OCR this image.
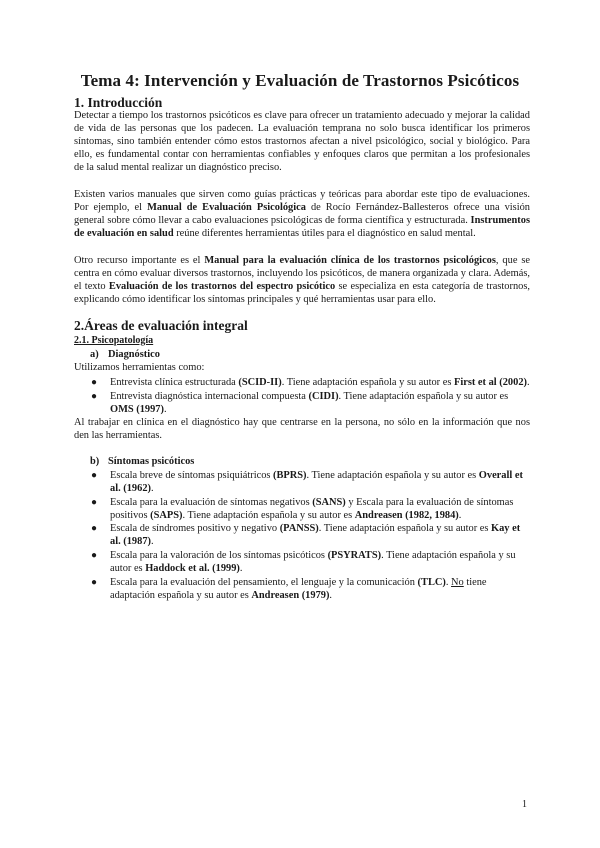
Tema 4: Intervención y Evaluación de Trastornos Psicóticos
1. Introducción

Detectar a tiempo los trastornos psicóticos es clave para ofrecer un tratamiento adecuado y mejorar la calidad de vida de las personas que los padecen. La evaluación temprana no solo busca identificar los primeros síntomas, sino también entender cómo estos trastornos afectan a nivel psicológico, social y biológico. Para ello, es fundamental contar con herramientas confiables y enfoques claros que permitan a los profesionales de la salud mental realizar un diagnóstico preciso.

Existen varios manuales que sirven como guías prácticas y teóricas para abordar este tipo de evaluaciones. Por ejemplo, el Manual de Evaluación Psicológica de Rocío Fernández-Ballesteros ofrece una visión general sobre cómo llevar a cabo evaluaciones psicológicas de forma científica y estructurada. Instrumentos de evaluación en salud reúne diferentes herramientas útiles para el diagnóstico en salud mental.

Otro recurso importante es el Manual para la evaluación clínica de los trastornos psicológicos, que se centra en cómo evaluar diversos trastornos, incluyendo los psicóticos, de manera organizada y clara. Además, el texto Evaluación de los trastornos del espectro psicótico se especializa en esta categoría de trastornos, explicando cómo identificar los síntomas principales y qué herramientas usar para ello.

2.Áreas de evaluación integral
2.1. Psicopatología
a) Diagnóstico
Utilizamos herramientas como:
● Entrevista clínica estructurada (SCID-II). Tiene adaptación española y su autor es First et al (2002).
● Entrevista diagnóstica internacional compuesta (CIDI). Tiene adaptación española y su autor es OMS (1997).

Al trabajar en clínica en el diagnóstico hay que centrarse en la persona, no sólo en la información que nos den las herramientas.

b) Síntomas psicóticos
● Escala breve de síntomas psiquiátricos (BPRS). Tiene adaptación española y su autor es Overall et al. (1962).
● Escala para la evaluación de síntomas negativos (SANS) y Escala para la evaluación de síntomas positivos (SAPS). Tiene adaptación española y su autor es Andreasen (1982, 1984).
● Escala de síndromes positivo y negativo (PANSS). Tiene adaptación española y su autor es Kay et al. (1987).
● Escala para la valoración de los síntomas psicóticos (PSYRATS). Tiene adaptación española y su autor es Haddock et al. (1999).
● Escala para la evaluación del pensamiento, el lenguaje y la comunicación (TLC). No tiene adaptación española y su autor es Andreasen (1979).
1
